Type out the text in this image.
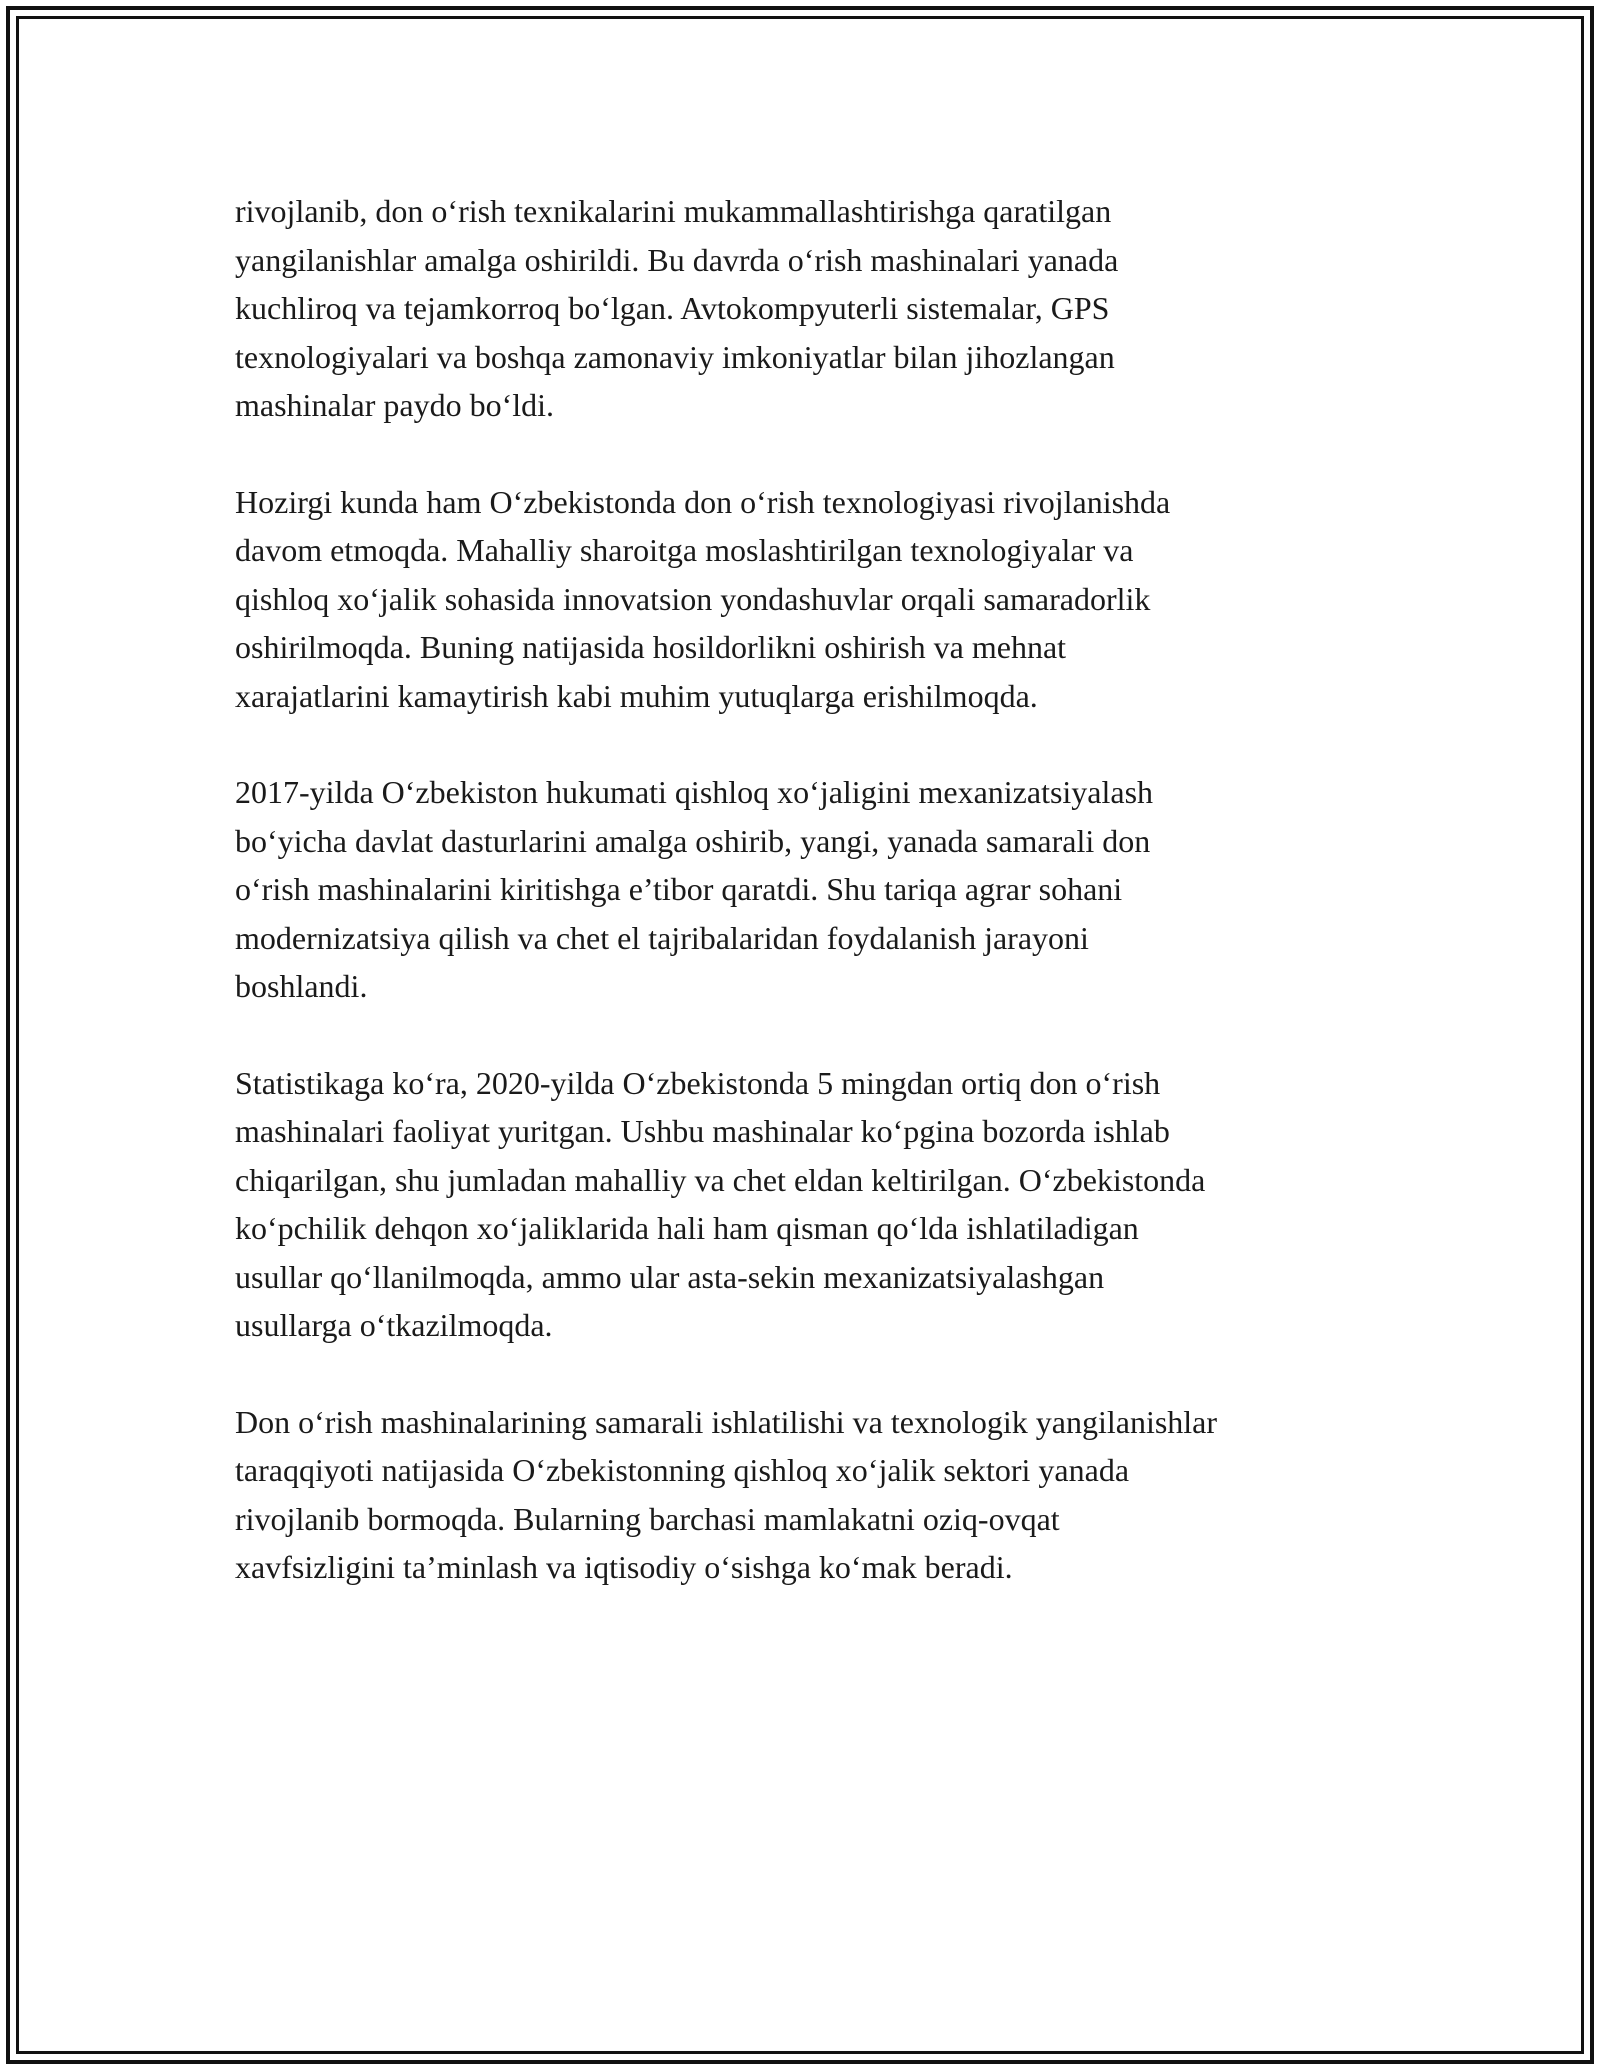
rivojlanib, don o‘rish texnikalarini mukammallashtirishga qaratilgan
yangilanishlar amalga oshirildi. Bu davrda o‘rish mashinalari yanada
kuchliroq va tejamkorroq bo‘lgan. Avtokompyuterli sistemalar, GPS
texnologiyalari va boshqa zamonaviy imkoniyatlar bilan jihozlangan
mashinalar paydo bo‘ldi.

Hozirgi kunda ham O‘zbekistonda don o‘rish texnologiyasi rivojlanishda
davom etmoqda. Mahalliy sharoitga moslashtirilgan texnologiyalar va
qishloq xo‘jalik sohasida innovatsion yondashuvlar orqali samaradorlik
oshirilmoqda. Buning natijasida hosildorlikni oshirish va mehnat
xarajatlarini kamaytirish kabi muhim yutuqlarga erishilmoqda.

2017-yilda O‘zbekiston hukumati qishloq xo‘jaligini mexanizatsiyalash
bo‘yicha davlat dasturlarini amalga oshirib, yangi, yanada samarali don
o‘rish mashinalarini kiritishga e’tibor qaratdi. Shu tariqa agrar sohani
modernizatsiya qilish va chet el tajribalaridan foydalanish jarayoni
boshlandi.

Statistikaga ko‘ra, 2020-yilda O‘zbekistonda 5 mingdan ortiq don o‘rish
mashinalari faoliyat yuritgan. Ushbu mashinalar ko‘pgina bozorda ishlab
chiqarilgan, shu jumladan mahalliy va chet eldan keltirilgan. O‘zbekistonda
ko‘pchilik dehqon xo‘jaliklarida hali ham qisman qo‘lda ishlatiladigan
usullar qo‘llanilmoqda, ammo ular asta-sekin mexanizatsiyalashgan
usullarga o‘tkazilmoqda.

Don o‘rish mashinalarining samarali ishlatilishi va texnologik yangilanishlar
taraqqiyoti natijasida O‘zbekistonning qishloq xo‘jalik sektori yanada
rivojlanib bormoqda. Bularning barchasi mamlakatni oziq-ovqat
xavfsizligini ta’minlash va iqtisodiy o‘sishga ko‘mak beradi.
